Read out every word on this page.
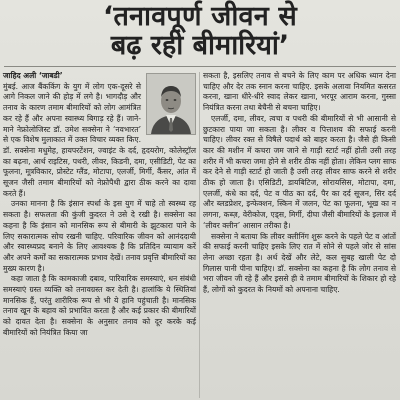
‘तनावपूर्ण जीवन से
बढ़ रही बीमारियां’
जाहिद अली ‘जाबडी’

मुंबई. आज बैंककिंग के युग में लोग एक-दूसरे से आगे निकल जाने की होड़ में लगे है। भागदौड़ और तनाव के कारण तमाम बीमारियों को लोग आमंत्रित कर रहे हैं और अपना स्वास्थ्य बिगाड़ रहे हैं। जाने-माने नेफ्रोलोजिस्ट डॉ. उमेश सक्सेना ने ‘नवभारत’ से एक विशेष मुलाकात में उक्त विचार व्यक्त किए. डॉ. सक्सेना मधुमेह, हायपरटेंशन, ज्वाइंट के दर्द, हृदयरोग, कोलेस्ट्रॉल का बढ़ना, आर्थ राइटिस, पथरी, लीवर, किडनी, दमा, एसीडिटी, पेट का फूलना, मूत्रविकार, प्रोस्टेट ग्लैंड, मोटापा, एलर्जी, मिर्गी, कैंसर, आंत में सूजन जैसी तमाम बीमारियों को नेफ्रोपैथी द्वारा ठीक करने का दावा करते हैं।

उनका मानना है कि इंसान स्पर्धा के इस युग में चाहे तो स्वस्थ्य रह सकता है। सफलता की कुंजी कुदरत ने उसे दे रखी है। सक्सेना का कहना है कि इंसान को मानसिक रूप से बीमारी के झुटकारा पाने के लिए सकारात्मक सोच रखनी चाहिए. परिवारिक जीवन को आनंददायी और स्वास्थ्यप्रद बनाने के लिए आवश्यक है कि प्रतिदिन व्यायाम करें और अपने कर्मों का सकारात्मक प्रभाव देखें। तनाव प्रवृत्ति बीमारियों का मुख्य कारण है।

कहा जाता है कि कामकाजी दबाव, पारिवारिक समस्याएं, धन संबंधी समस्याएं ग्रस्त व्यक्ति को तनावग्रस्त कर देती है। हालांकि ये स्थितियां मानसिक हैं, परंतु शारीरिक रूप से भी ये हानि पहुंचाती है। मानसिक तनाव खून के बहाव को प्रभावित करता है और कई प्रकार की बीमारियों को दावत देता है। सक्सेना के अनुसार तनाव को दूर करके कई बीमारियों को नियंत्रित किया जा

सकता है, इसलिए तनाव से बचने के लिए काम पर अधिक ध्यान देना चाहिए और देर तक स्नान करना चाहिए. इसके अलावा नियमित कसरत करना, खाना धीरे-धीरे स्वाद लेकर खाना, भरपूर आराम करना, गुस्सा नियंत्रित करना तथा बेचैनी से बचना चाहिए।

एलर्जी, दमा, लीवर, त्वचा व पथरी की बीमारियों से भी आसानी से छुटकारा पाया जा सकता है। लीवर व पित्ताशय की सफाई करनी चाहिए। लीवर रक्त से विषैले पदार्थ को बाहर करता है। जैसे ही किसी कार की मशीन में कचरा जम जाने से गाड़ी स्टार्ट नहीं होती उसी तरह शरीर में भी कचरा जमा होने से शरीर ठीक नहीं होता। लेकिन प्लग साफ कर देने से गाड़ी स्टार्ट हो जाती है उसी तरह लीवर साफ करने से शरीर ठीक हो जाता है। एसिडिटी, डायबिटिज, सोरायसिस, मोटापा, दमा, एलर्जी, कंधे का दर्द, पेट व पीठ का दर्द, पैर का दर्द सूजन, सिर दर्द और ब्लडप्रेशर, इन्फेक्शन, स्किन में जलन, पेट का फूलना, भूख का न लगना, कब्ज़, वेरीकोज, एड्स, मिर्गी, दीघा जैसी बीमारियों के इलाज में ‘लीवर क्लीन’ आसान तरीका है।

सक्सेना ने बताया कि लीवर क्लीनिंग शुरू करने के पहले पेट व आंतों की सफाई करनी चाहिए इसके लिए रात में सोने से पहले जोर से सांस लेना अच्छा रहता है। अर्थ देखें और लेटे, कल सुबह खाली पेट दो गिलास पानी पीना चाहिए। डॉ. सक्सेना का कहना है कि लोग तनाव से भरा जीवन जी रहे हैं और इससे ही वे तमाम बीमारियों के शिकार हो रहे हैं, लोगों को कुदरत के नियमों को अपनाना चाहिए.
